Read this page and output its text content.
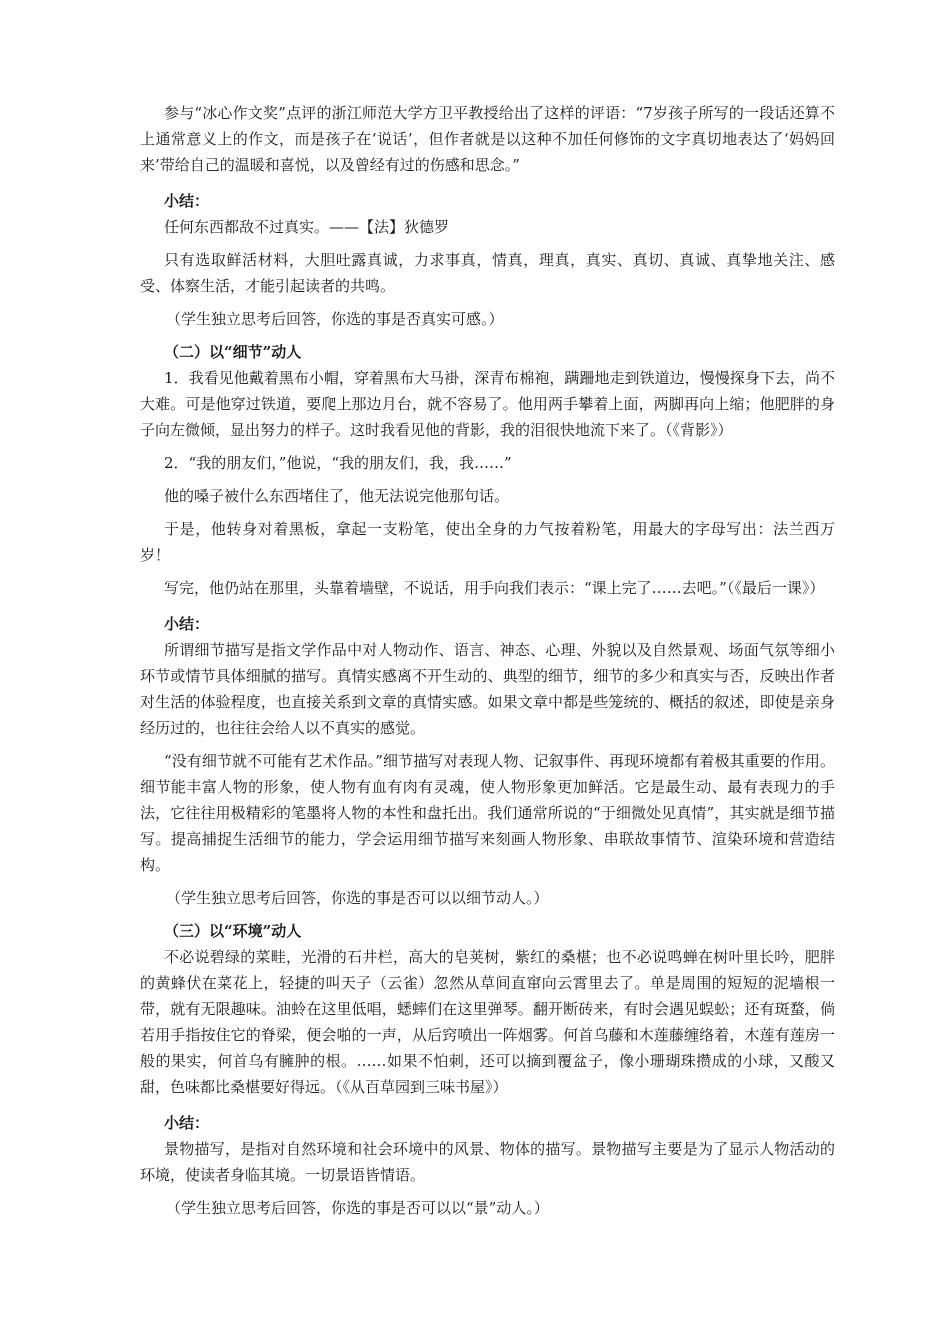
参与“冰心作文奖”点评的浙江师范大学方卫平教授给出了这样的评语：“7岁孩子所写的一段话还算不上通常意义上的作文，而是孩子在‘说话’，但作者就是以这种不加任何修饰的文字真切地表达了‘妈妈回来’带给自己的温暖和喜悦，以及曾经有过的伤感和思念。”

小结：

任何东西都敌不过真实。——【法】狄德罗

只有选取鲜活材料，大胆吐露真诚，力求事真，情真，理真，真实、真切、真诚、真挚地关注、感受、体察生活，才能引起读者的共鸣。

（学生独立思考后回答，你选的事是否真实可感。）

（二）以“细节”动人

1．我看见他戴着黑布小帽，穿着黑布大马褂，深青布棉袍，蹒跚地走到铁道边，慢慢探身下去，尚不大难。可是他穿过铁道，要爬上那边月台，就不容易了。他用两手攀着上面，两脚再向上缩；他肥胖的身子向左微倾，显出努力的样子。这时我看见他的背影，我的泪很快地流下来了。（《背影》）

2．“我的朋友们，”他说，“我的朋友们，我，我……”

他的嗓子被什么东西堵住了，他无法说完他那句话。

于是，他转身对着黑板，拿起一支粉笔，使出全身的力气按着粉笔，用最大的字母写出：法兰西万岁！

写完，他仍站在那里，头靠着墙壁，不说话，用手向我们表示：“课上完了……去吧。”（《最后一课》）

小结：

所谓细节描写是指文学作品中对人物动作、语言、神态、心理、外貌以及自然景观、场面气氛等细小环节或情节具体细腻的描写。真情实感离不开生动的、典型的细节，细节的多少和真实与否，反映出作者对生活的体验程度，也直接关系到文章的真情实感。如果文章中都是些笼统的、概括的叙述，即使是亲身经历过的，也往往会给人以不真实的感觉。

“没有细节就不可能有艺术作品。”细节描写对表现人物、记叙事件、再现环境都有着极其重要的作用。细节能丰富人物的形象，使人物有血有肉有灵魂，使人物形象更加鲜活。它是最生动、最有表现力的手法，它往往用极精彩的笔墨将人物的本性和盘托出。我们通常所说的“于细微处见真情”，其实就是细节描写。提高捕捉生活细节的能力，学会运用细节描写来刻画人物形象、串联故事情节、渲染环境和营造结构。

（学生独立思考后回答，你选的事是否可以以细节动人。）

（三）以“环境”动人

不必说碧绿的菜畦，光滑的石井栏，高大的皂荚树，紫红的桑椹；也不必说鸣蝉在树叶里长吟，肥胖的黄蜂伏在菜花上，轻捷的叫天子（云雀）忽然从草间直窜向云霄里去了。单是周围的短短的泥墙根一带，就有无限趣味。油蛉在这里低唱，蟋蟀们在这里弹琴。翻开断砖来，有时会遇见蜈蚣；还有斑蝥，倘若用手指按住它的脊梁，便会啪的一声，从后窍喷出一阵烟雾。何首乌藤和木莲藤缠络着，木莲有莲房一般的果实，何首乌有臃肿的根。……如果不怕刺，还可以摘到覆盆子，像小珊瑚珠攒成的小球，又酸又甜，色味都比桑椹要好得远。（《从百草园到三味书屋》）

小结：

景物描写，是指对自然环境和社会环境中的风景、物体的描写。景物描写主要是为了显示人物活动的环境，使读者身临其境。一切景语皆情语。

（学生独立思考后回答，你选的事是否可以以“景”动人。）
